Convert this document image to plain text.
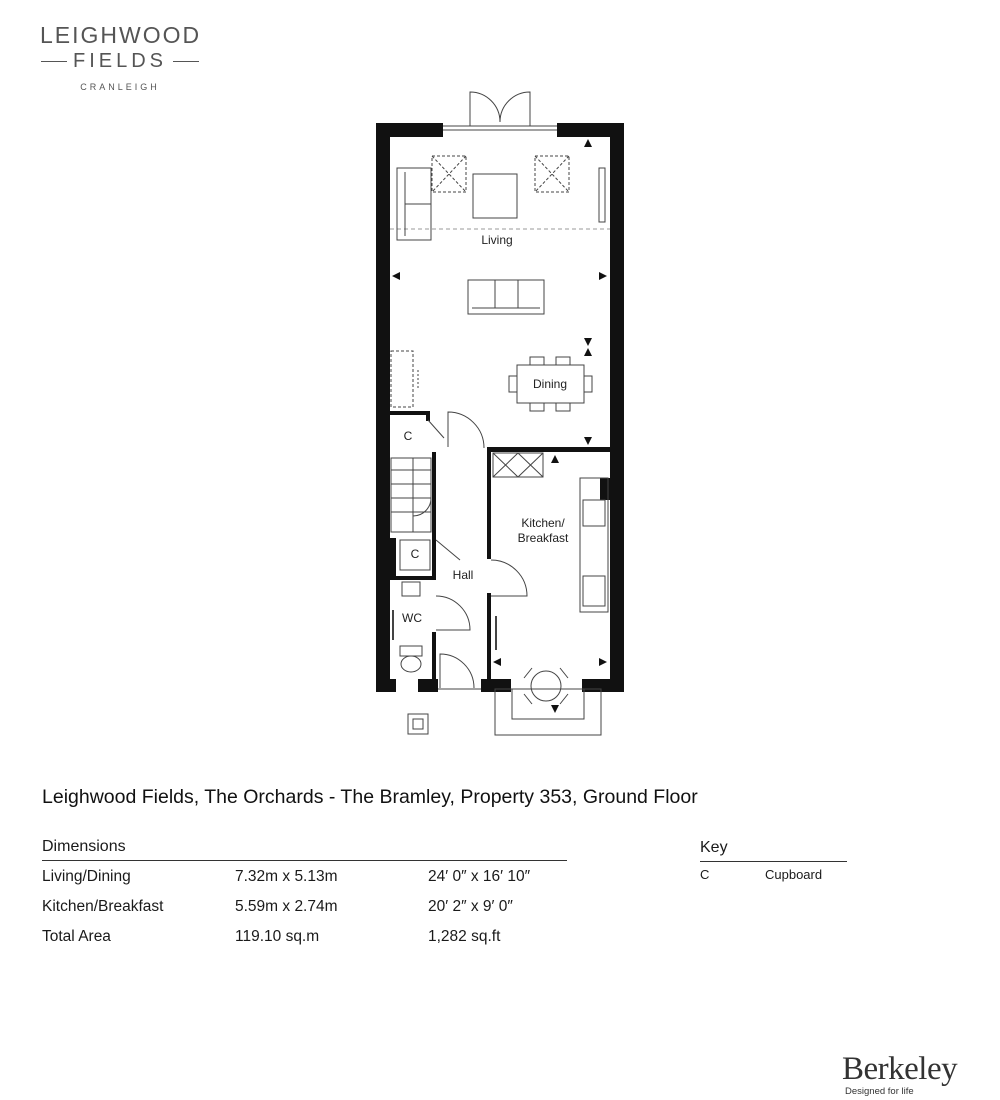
LEIGHWOOD
FIELDS
CRANLEIGH
Living
Dining
Kitchen/
Breakfast
Hall
WC
C
C
Leighwood Fields, The Orchards - The Bramley, Property 353, Ground Floor
Dimensions
Living/Dining	7.32m x 5.13m	24′ 0″ x 16′ 10″
Kitchen/Breakfast	5.59m x 2.74m	20′ 2″ x 9′ 0″
Total Area	119.10 sq.m	1,282 sq.ft
Key
C	Cupboard
Berkeley
Designed for life
